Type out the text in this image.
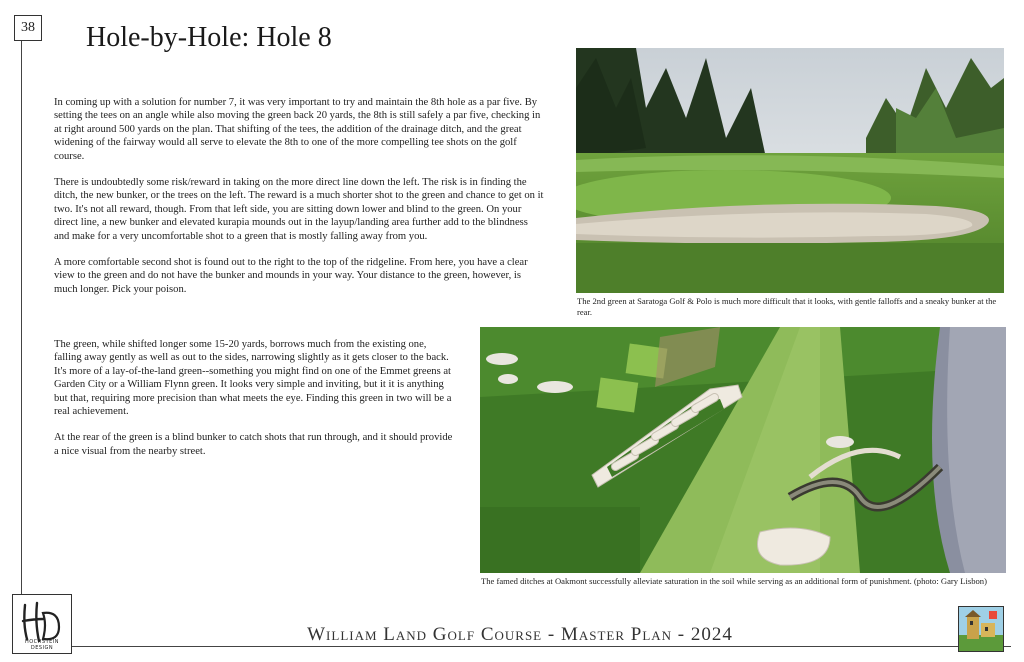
38 Hole-by-Hole: Hole 8

In coming up with a solution for number 7, it was very important to try and maintain the 8th hole as a par five. By setting the tees on an angle while also moving the green back 20 yards, the 8th is still safely a par five, checking in at right around 500 yards on the plan. That shifting of the tees, the addition of the drainage ditch, and the great widening of the fairway would all serve to elevate the 8th to one of the more compelling tee shots on the golf course.

There is undoubtedly some risk/reward in taking on the more direct line down the left. The risk is in finding the ditch, the new bunker, or the trees on the left. The reward is a much shorter shot to the green and chance to get on it two. It's not all reward, though. From that left side, you are sitting down lower and blind to the green. On your direct line, a new bunker and elevated kurapia mounds out in the layup/landing area further add to the blindness and make for a very uncomfortable shot to a green that is mostly falling away from you.

A more comfortable second shot is found out to the right to the top of the ridgeline. From here, you have a clear view to the green and do not have the bunker and mounds in your way. Your distance to the green, however, is much longer. Pick your poison.

The green, while shifted longer some 15-20 yards, borrows much from the existing one, falling away gently as well as out to the sides, narrowing slightly as it gets closer to the back. It's more of a lay-of-the-land green--something you might find on one of the Emmet greens at Garden City or a William Flynn green. It looks very simple and inviting, but it it is anything but that, requiring more precision than what meets the eye. Finding this green in two will be a real achievement.

At the rear of the green is a blind bunker to catch shots that run through, and it should provide a nice visual from the nearby street.

The 2nd green at Saratoga Golf & Polo is much more difficult that it looks, with gentle falloffs and a sneaky bunker at the rear.
The famed ditches at Oakmont successfully alleviate saturation in the soil while serving as an additional form of punishment. (photo: Gary Lisbon)
HOCHSTEIN DESIGN
William Land Golf Course - Master Plan - 2024
